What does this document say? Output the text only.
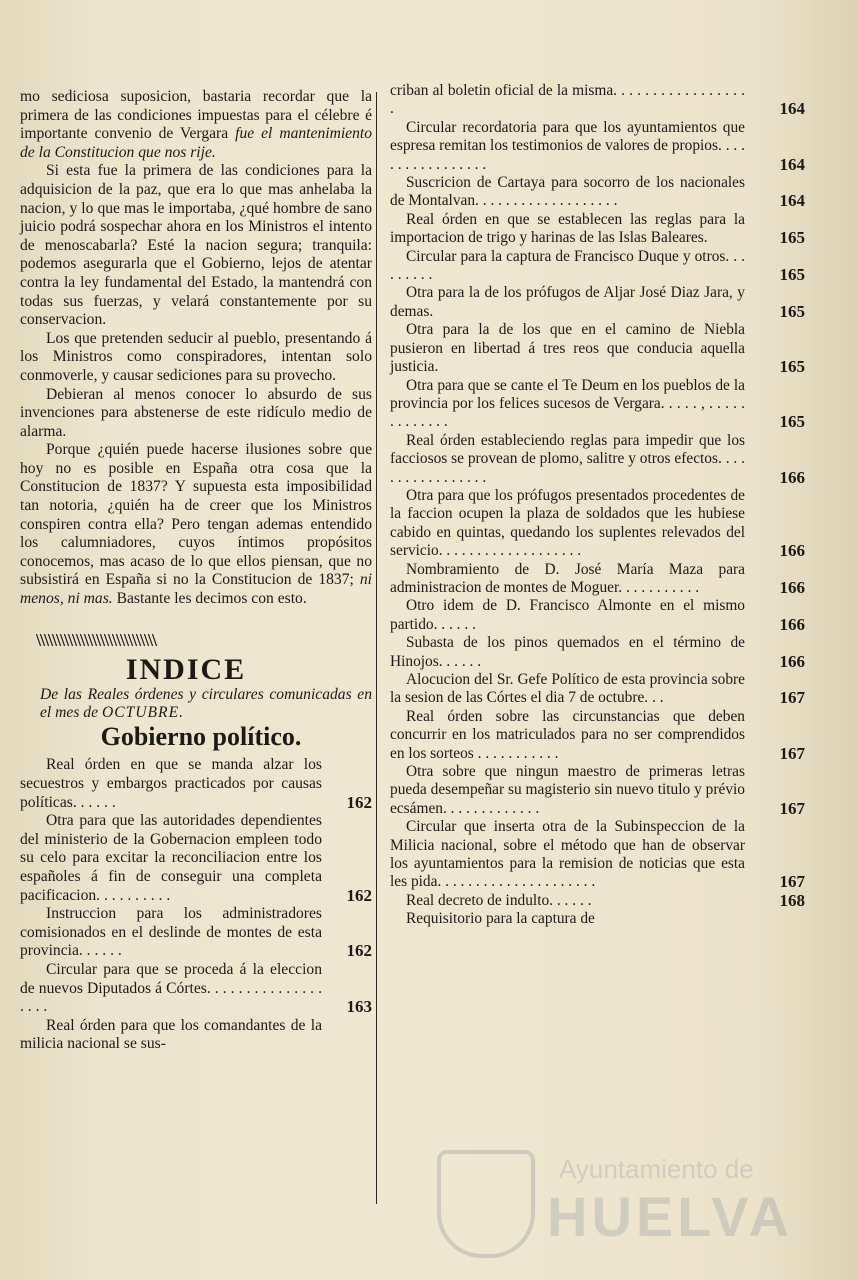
mo sediciosa suposicion, bastaria recordar que la primera de las condiciones impuestas para el célebre é importante convenio de Vergara fue el mantenimiento de la Constitucion que nos rije.

Si esta fue la primera de las condiciones para la adquisicion de la paz, que era lo que mas anhelaba la nacion, y lo que mas le importaba, ¿qué hombre de sano juicio podrá sospechar ahora en los Ministros el intento de menoscabarla? Esté la nacion segura; tranquila: podemos asegurarla que el Gobierno, lejos de atentar contra la ley fundamental del Estado, la mantendrá con todas sus fuerzas, y velará constantemente por su conservacion.

Los que pretenden seducir al pueblo, presentando á los Ministros como conspiradores, intentan solo conmoverle, y causar sediciones para su provecho.

Debieran al menos conocer lo absurdo de sus invenciones para abstenerse de este ridículo medio de alarma.

Porque ¿quién puede hacerse ilusiones sobre que hoy no es posible en España otra cosa que la Constitucion de 1837? Y supuesta esta imposibilidad tan notoria, ¿quién ha de creer que los Ministros conspiren contra ella? Pero tengan ademas entendido los calumniadores, cuyos íntimos propósitos conocemos, mas acaso de lo que ellos piensan, que no subsistirá en España si no la Constitucion de 1837; ni menos, ni mas. Bastante les decimos con esto.

\\\\\\\\\\\\\\\\\\\\\\\\\\\\\\
INDICE
De las Reales órdenes y circulares comunicadas en el mes de OCTUBRE.
Gobierno político.

Real órden en que se manda alzar los secuestros y embargos practicados por causas políticas. . . . . .	162

Otra para que las autoridades dependientes del ministerio de la Gobernacion empleen todo su celo para excitar la reconciliacion entre los españoles á fin de conseguir una completa pacificacion. . . . . . . . . .	162

Instruccion para los administradores comisionados en el deslinde de montes de esta provincia. . . . . .	162

Circular para que se proceda á la eleccion de nuevos Diputados á Córtes. . . . . . . . . . . . . . . . . . .	163

Real órden para que los comandantes de la milicia nacional se sus-

criban al boletin oficial de la misma. . . . . . . . . . . . . . . . . .	164

Circular recordatoria para que los ayuntamientos que espresa remitan los testimonios de valores de propios. . . . . . . . . . . . . . . . .	164

Suscricion de Cartaya para socorro de los nacionales de Montalvan. . . . . . . . . . . . . . . . . . .	164

Real órden en que se establecen las reglas para la importacion de trigo y harinas de las Islas Baleares.	165

Circular para la captura de Francisco Duque y otros. . . . . . . . .	165

Otra para la de los prófugos de Aljar José Diaz Jara, y demas.	165

Otra para la de los que en el camino de Niebla pusieron en libertad á tres reos que conducia aquella justicia.	165

Otra para que se cante el Te Deum en los pueblos de la provincia por los felices sucesos de Vergara. . . . . , . . . . . . . . . . . . .	165

Real órden estableciendo reglas para impedir que los facciosos se provean de plomo, salitre y otros efectos. . . . . . . . . . . . . . . . .	166

Otra para que los prófugos presentados procedentes de la faccion ocupen la plaza de soldados que les hubiese cabido en quintas, quedando los suplentes relevados del servicio. . . . . . . . . . . . . . . . . . .	166

Nombramiento de D. José María Maza para administracion de montes de Moguer. . . . . . . . . . .	166

Otro idem de D. Francisco Almonte en el mismo partido. . . . . .	166

Subasta de los pinos quemados en el término de Hinojos. . . . . .	166

Alocucion del Sr. Gefe Político de esta provincia sobre la sesion de las Córtes el dia 7 de octubre. . .	167

Real órden sobre las circunstancias que deben concurrir en los matriculados para no ser comprendidos en los sorteos . . . . . . . . . . .	167

Otra sobre que ningun maestro de primeras letras pueda desempeñar su magisterio sin nuevo titulo y prévio ecsámen. . . . . . . . . . . . .	167

Circular que inserta otra de la Subinspeccion de la Milicia nacional, sobre el método que han de observar los ayuntamientos para la remision de noticias que esta les pida. . . . . . . . . . . . . . . . . . . . .	167

Real decreto de indulto. . . . . .	168

Requisitorio para la captura de

Ayuntamiento de
HUELVA
